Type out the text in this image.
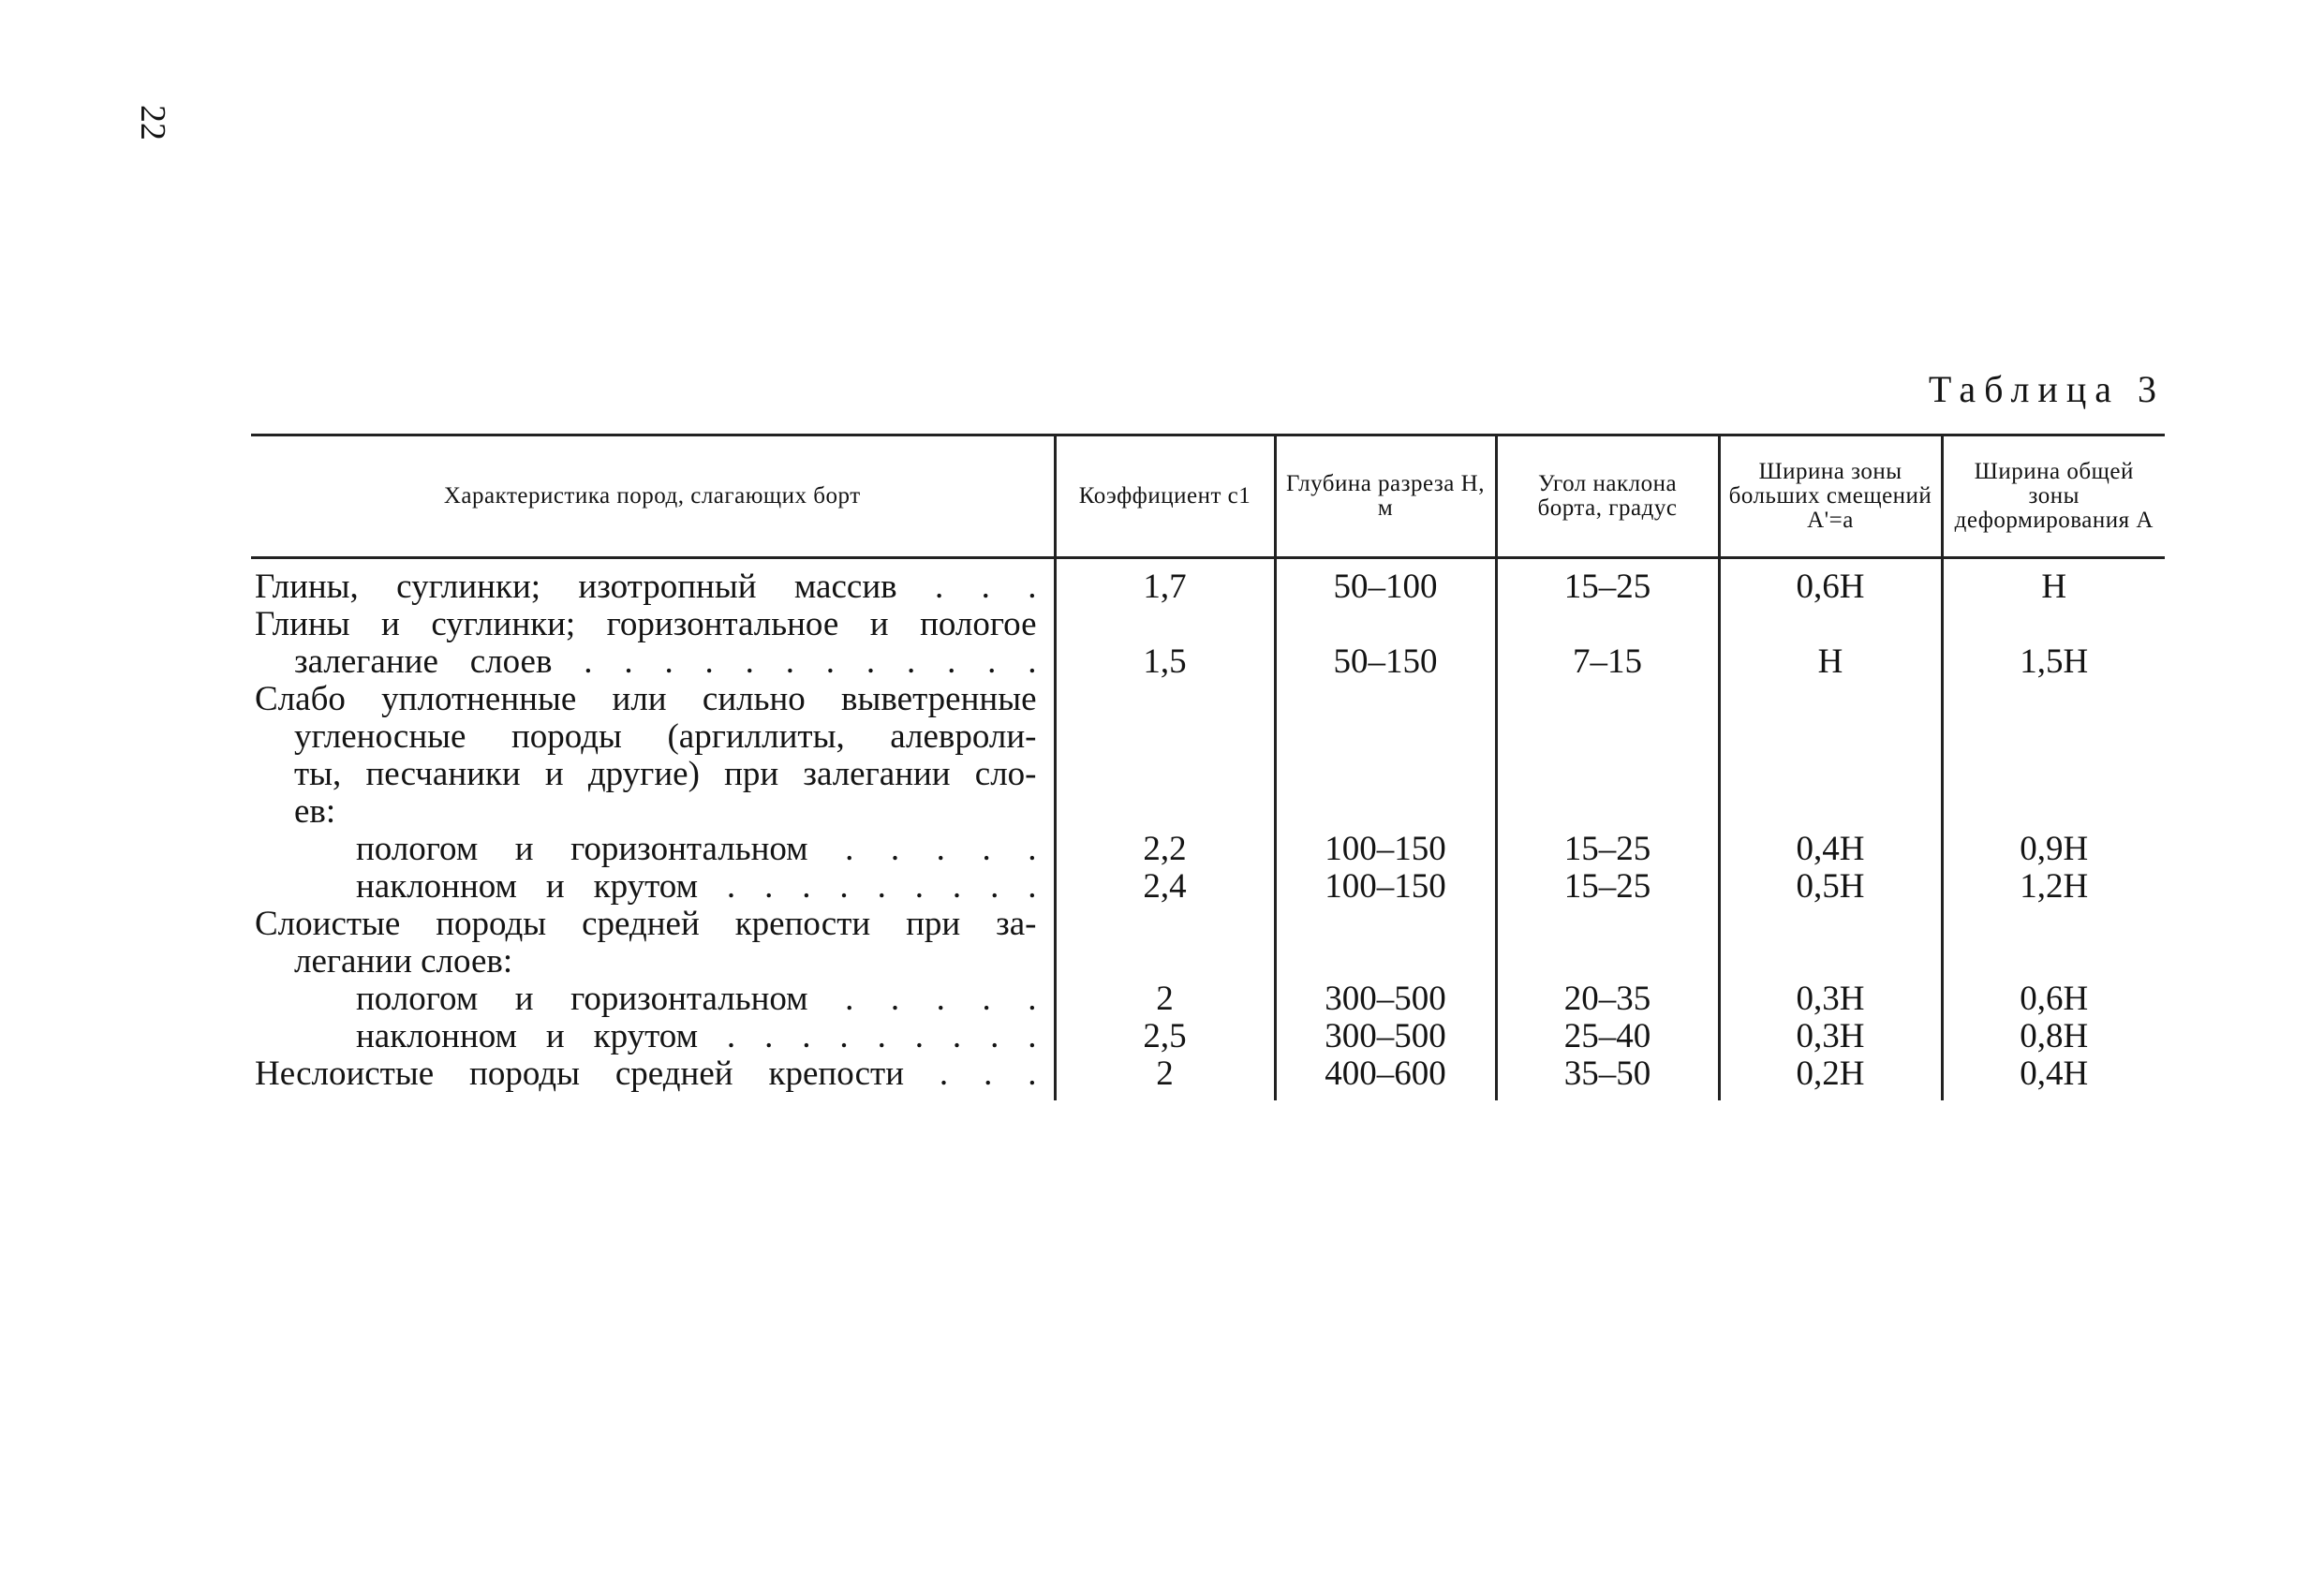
22
Таблица 3
Характеристика пород, слагающих борт	Коэффициент с1	Глубина разреза Н, м	Угол наклона борта, градус	Ширина зоны больших смещений А'=а	Ширина общей зоны деформирования А

Глины, суглинки; изотропный массив . . .	1,7	50–100	15–25	0,6Н	Н

Глины и суглинки; горизонтальное и пологое
залегание слоев . . . . . . . . . . . .	1,5	50–150	7–15	Н	1,5Н

Слабо уплотненные или сильно выветренные
угленосные породы (аргиллиты, алевроли-
ты, песчаники и другие) при залегании сло-
ев:					

пологом и горизонтальном . . . . .	2,2	100–150	15–25	0,4Н	0,9Н

наклонном и крутом . . . . . . . . .	2,4	100–150	15–25	0,5Н	1,2Н

Слоистые породы средней крепости при за-
легании слоев:					

пологом и горизонтальном . . . . .	2	300–500	20–35	0,3Н	0,6Н

наклонном и крутом . . . . . . . . .	2,5	300–500	25–40	0,3Н	0,8Н

Неслоистые породы средней крепости . . .	2	400–600	35–50	0,2Н	0,4Н
